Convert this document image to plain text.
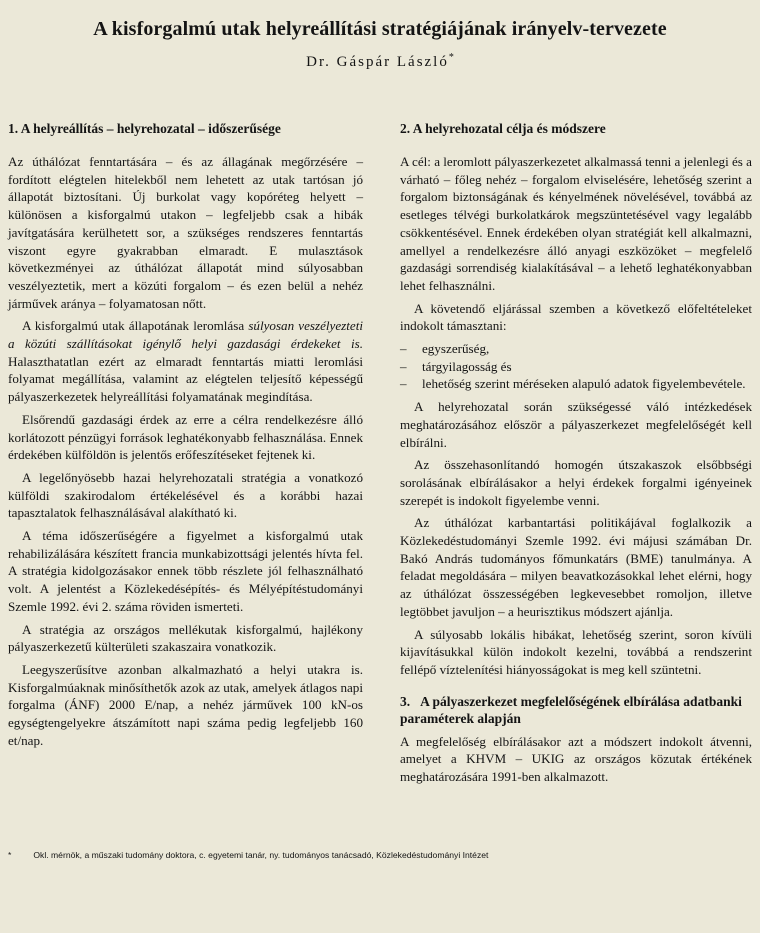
A kisforgalmú utak helyreállítási stratégiájának irányelv-tervezete
Dr. Gáspár László*
1. A helyreállítás – helyrehozatal – időszerűsége

Az úthálózat fenntartására – és az állagának megőrzésére – fordított elégtelen hitelekből nem lehetett az utak tartósan jó állapotát biztosítani. Új burkolat vagy kopóréteg helyett – különösen a kisforgalmú utakon – legfeljebb csak a hibák javítgatására kerülhetett sor, a szükséges rendszeres fenntartás viszont egyre gyakrabban elmaradt. E mulasztások következményei az úthálózat állapotát mind súlyosabban veszélyeztetik, mert a közúti forgalom – és ezen belül a nehéz járművek aránya – folyamatosan nőtt.

A kisforgalmú utak állapotának leromlása súlyosan veszélyezteti a közúti szállításokat igénylő helyi gazdasági érdekeket is. Halaszthatatlan ezért az elmaradt fenntartás miatti leromlási folyamat megállítása, valamint az elégtelen teljesítő képességű pályaszerkezetek helyreállítási folyamatának megindítása.

Elsőrendű gazdasági érdek az erre a célra rendelkezésre álló korlátozott pénzügyi források leghatékonyabb felhasználása. Ennek érdekében külföldön is jelentős erőfeszítéseket fejtenek ki.

A legelőnyösebb hazai helyrehozatali stratégia a vonatkozó külföldi szakirodalom értékelésével és a korábbi hazai tapasztalatok felhasználásával alakítható ki.

A téma időszerűségére a figyelmet a kisforgalmú utak rehabilizálására készített francia munkabizottsági jelentés hívta fel. A stratégia kidolgozásakor ennek több részlete jól felhasználható volt. A jelentést a Közlekedésépítés- és Mélyépítéstudományi Szemle 1992. évi 2. száma röviden ismerteti.

A stratégia az országos mellékutak kisforgalmú, hajlékony pályaszerkezetű külterületi szakaszaira vonatkozik.

Leegyszerűsítve azonban alkalmazható a helyi utakra is. Kisforgalmúaknak minősíthetők azok az utak, amelyek átlagos napi forgalma (ÁNF) 2000 E/nap, a nehéz járművek 100 kN-os egységtengelyekre átszámított napi száma pedig legfeljebb 160 et/nap.

2. A helyrehozatal célja és módszere

A cél: a leromlott pályaszerkezetet alkalmassá tenni a jelenlegi és a várható – főleg nehéz – forgalom elviselésére, lehetőség szerint a forgalom biztonságának és kényelmének növelésével, továbbá az esetleges télvégi burkolatkárok megszüntetésével vagy legalább csökkentésével. Ennek érdekében olyan stratégiát kell alkalmazni, amellyel a rendelkezésre álló anyagi eszközöket – megfelelő gazdasági sorrendiség kialakításával – a lehető leghatékonyabban lehet felhasználni.

A követendő eljárással szemben a következő előfeltételeket indokolt támasztani:

– egyszerűség,
– tárgyilagosság és
– lehetőség szerint méréseken alapuló adatok figyelembevétele.

A helyrehozatal során szükségessé váló intézkedések meghatározásához először a pályaszerkezet megfelelőségét kell elbírálni.

Az összehasonlítandó homogén útszakaszok elsőbbségi sorolásának elbírálásakor a helyi érdekek forgalmi igényeinek szerepét is indokolt figyelembe venni.

Az úthálózat karbantartási politikájával foglalkozik a Közlekedéstudományi Szemle 1992. évi májusi számában Dr. Bakó András tudományos főmunkatárs (BME) tanulmánya. A feladat megoldására – milyen beavatkozásokkal lehet elérni, hogy az úthálózat összességében legkevesebbet romoljon, illetve legtöbbet javuljon – a heurisztikus módszert ajánlja.

A súlyosabb lokális hibákat, lehetőség szerint, soron kívüli kijavításukkal külön indokolt kezelni, továbbá a rendszerint fellépő víztelenítési hiányosságokat is meg kell szüntetni.

3. A pályaszerkezet megfelelőségének elbírálása adatbanki paraméterek alapján

A megfelelőség elbírálásakor azt a módszert indokolt átvenni, amelyet a KHVM – UKIG az országos közutak értékének meghatározására 1991-ben alkalmazott.

*	Okl. mérnök, a műszaki tudomány doktora, c. egyetemi tanár, ny. tudományos tanácsadó, Közlekedéstudományi Intézet
